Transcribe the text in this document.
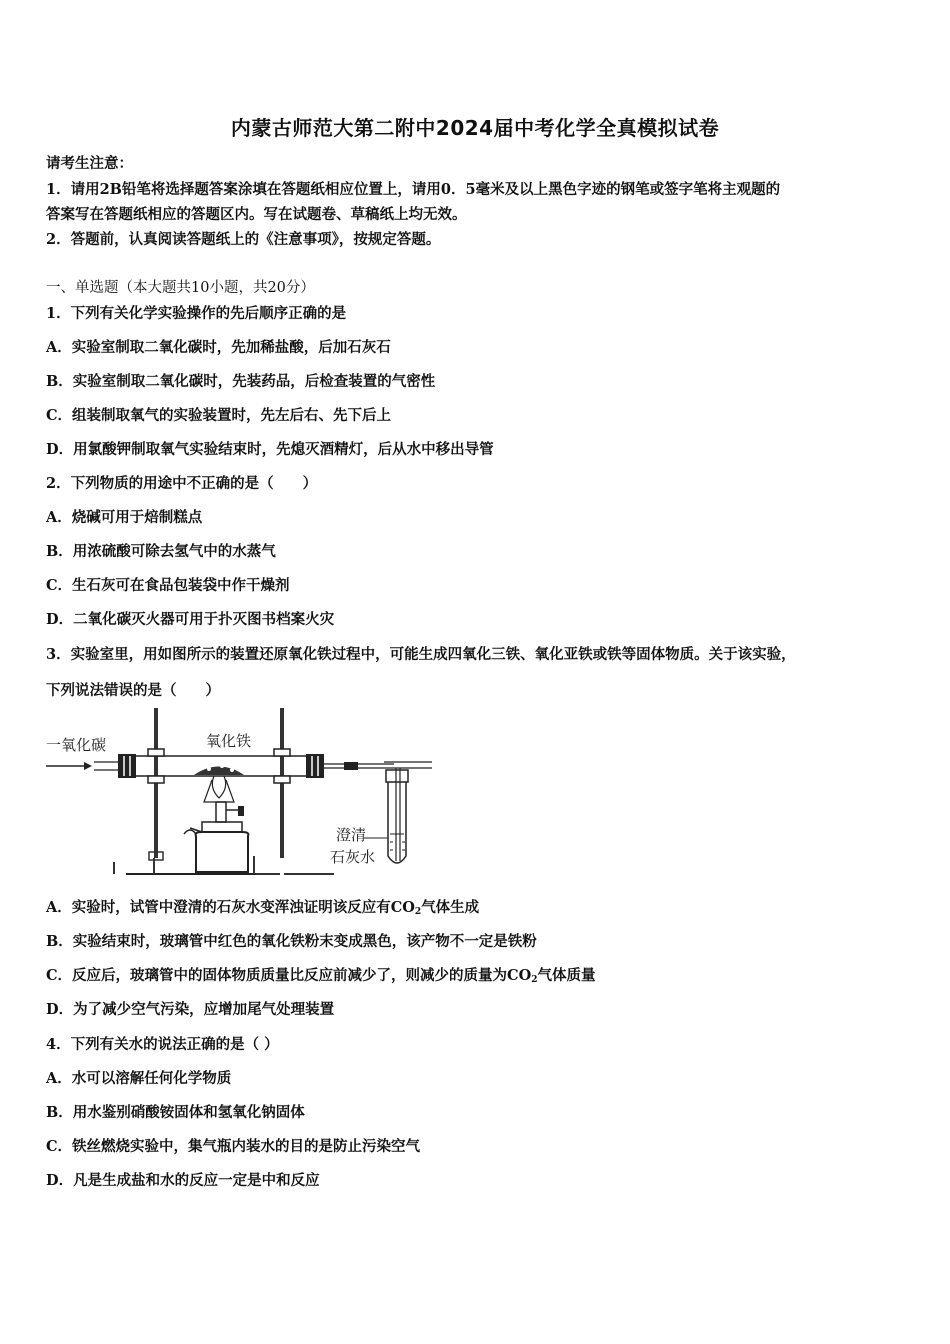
内蒙古师范大第二附中2024届中考化学全真模拟试卷
请考生注意：
1．请用2B铅笔将选择题答案涂填在答题纸相应位置上，请用0．5毫米及以上黑色字迹的钢笔或签字笔将主观题的
答案写在答题纸相应的答题区内。写在试题卷、草稿纸上均无效。
2．答题前，认真阅读答题纸上的《注意事项》，按规定答题。
一、单选题（本大题共10小题，共20分）
1．下列有关化学实验操作的先后顺序正确的是
A．实验室制取二氧化碳时，先加稀盐酸，后加石灰石
B．实验室制取二氧化碳时，先装药品，后检查装置的气密性
C．组装制取氧气的实验装置时，先左后右、先下后上
D．用氯酸钾制取氧气实验结束时，先熄灭酒精灯，后从水中移出导管
2．下列物质的用途中不正确的是（　　）
A．烧碱可用于焙制糕点
B．用浓硫酸可除去氢气中的水蒸气
C．生石灰可在食品包装袋中作干燥剂
D．二氧化碳灭火器可用于扑灭图书档案火灾
3．实验室里，用如图所示的装置还原氧化铁过程中，可能生成四氧化三铁、氧化亚铁或铁等固体物质。关于该实验，
下列说法错误的是（　　）
一氧化碳	氧化铁
澄清
石灰水
A．实验时，试管中澄清的石灰水变浑浊证明该反应有$CO_2$气体生成
B．实验结束时，玻璃管中红色的氧化铁粉末变成黑色，该产物不一定是铁粉
C．反应后，玻璃管中的固体物质质量比反应前减少了，则减少的质量为$CO_2$气体质量
D．为了减少空气污染，应增加尾气处理装置
4．下列有关水的说法正确的是（ ）
A．水可以溶解任何化学物质
B．用水鉴别硝酸铵固体和氢氧化钠固体
C．铁丝燃烧实验中，集气瓶内装水的目的是防止污染空气
D．凡是生成盐和水的反应一定是中和反应
